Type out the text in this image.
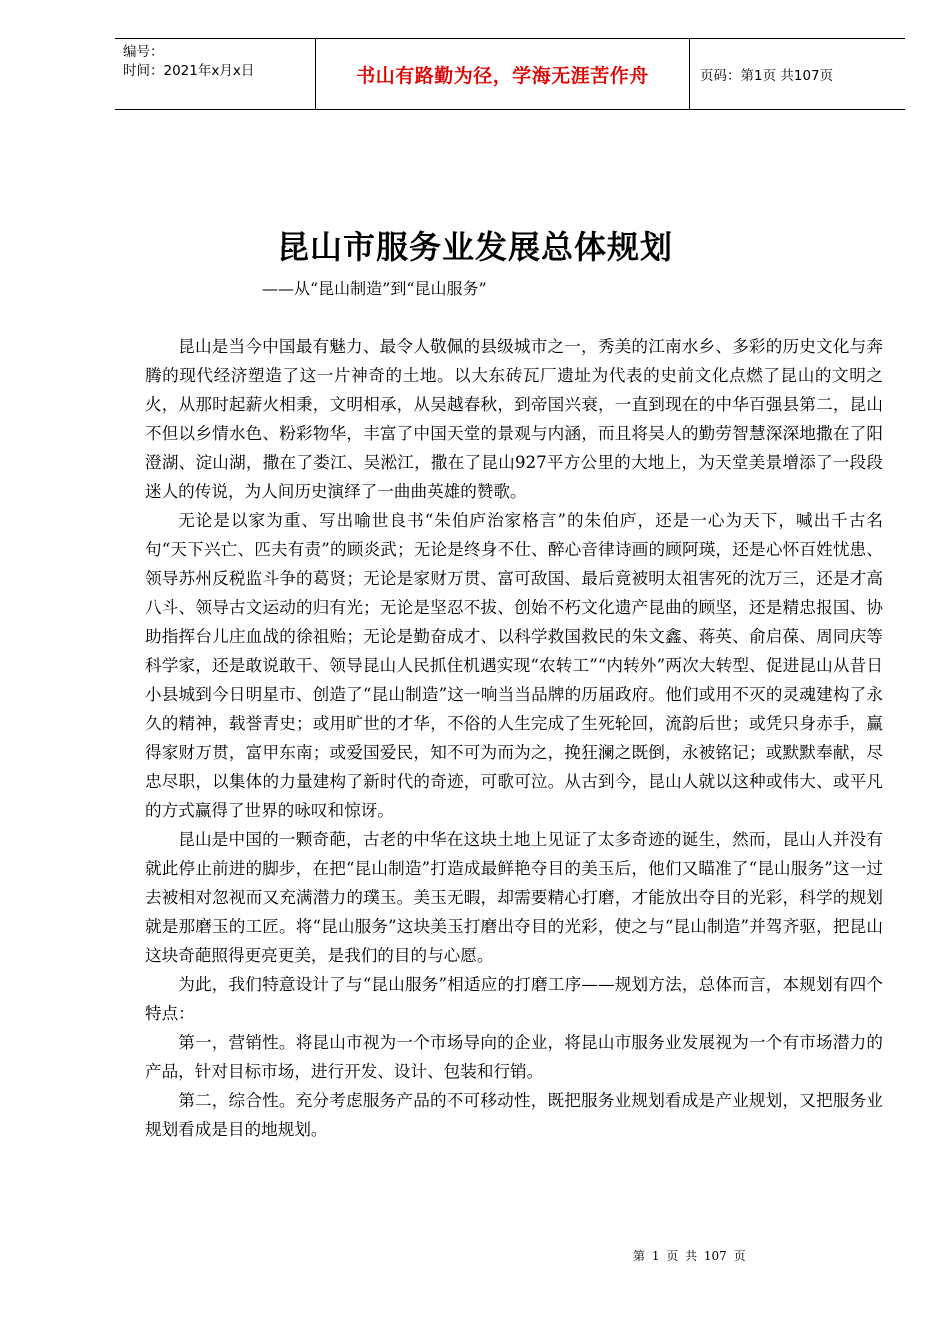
编号：
时间：2021年x月x日	书山有路勤为径，学海无涯苦作舟	页码：第1页 共107页
昆山市服务业发展总体规划
——从“昆山制造”到“昆山服务”

昆山是当今中国最有魅力、最令人敬佩的县级城市之一，秀美的江南水乡、多彩的历史文化与奔腾的现代经济塑造了这一片神奇的土地。以大东砖瓦厂遗址为代表的史前文化点燃了昆山的文明之火，从那时起薪火相秉，文明相承，从吴越春秋，到帝国兴衰，一直到现在的中华百强县第二，昆山不但以乡情水色、粉彩物华，丰富了中国天堂的景观与内涵，而且将吴人的勤劳智慧深深地撒在了阳澄湖、淀山湖，撒在了娄江、吴淞江，撒在了昆山927平方公里的大地上，为天堂美景增添了一段段迷人的传说，为人间历史演绎了一曲曲英雄的赞歌。

无论是以家为重、写出喻世良书“朱伯庐治家格言”的朱伯庐，还是一心为天下，喊出千古名句“天下兴亡、匹夫有责”的顾炎武；无论是终身不仕、醉心音律诗画的顾阿瑛，还是心怀百姓忧患、领导苏州反税监斗争的葛贤；无论是家财万贯、富可敌国、最后竟被明太祖害死的沈万三，还是才高八斗、领导古文运动的归有光；无论是坚忍不拔、创始不朽文化遗产昆曲的顾坚，还是精忠报国、协助指挥台儿庄血战的徐祖贻；无论是勤奋成才、以科学救国救民的朱文鑫、蒋英、俞启葆、周同庆等科学家，还是敢说敢干、领导昆山人民抓住机遇实现“农转工”“内转外”两次大转型、促进昆山从昔日小县城到今日明星市、创造了“昆山制造”这一响当当品牌的历届政府。他们或用不灭的灵魂建构了永久的精神，载誉青史；或用旷世的才华，不俗的人生完成了生死轮回，流韵后世；或凭只身赤手，赢得家财万贯，富甲东南；或爱国爱民，知不可为而为之，挽狂澜之既倒，永被铭记；或默默奉献，尽忠尽职，以集体的力量建构了新时代的奇迹，可歌可泣。从古到今，昆山人就以这种或伟大、或平凡的方式赢得了世界的咏叹和惊讶。

昆山是中国的一颗奇葩，古老的中华在这块土地上见证了太多奇迹的诞生，然而，昆山人并没有就此停止前进的脚步，在把“昆山制造”打造成最鲜艳夺目的美玉后，他们又瞄准了“昆山服务”这一过去被相对忽视而又充满潜力的璞玉。美玉无暇，却需要精心打磨，才能放出夺目的光彩，科学的规划就是那磨玉的工匠。将“昆山服务”这块美玉打磨出夺目的光彩，使之与“昆山制造”并驾齐驱，把昆山这块奇葩照得更亮更美，是我们的目的与心愿。

为此，我们特意设计了与“昆山服务”相适应的打磨工序——规划方法，总体而言，本规划有四个特点：

第一，营销性。将昆山市视为一个市场导向的企业，将昆山市服务业发展视为一个有市场潜力的产品，针对目标市场，进行开发、设计、包装和行销。

第二，综合性。充分考虑服务产品的不可移动性，既把服务业规划看成是产业规划，又把服务业规划看成是目的地规划。

第 1 页 共 107 页
